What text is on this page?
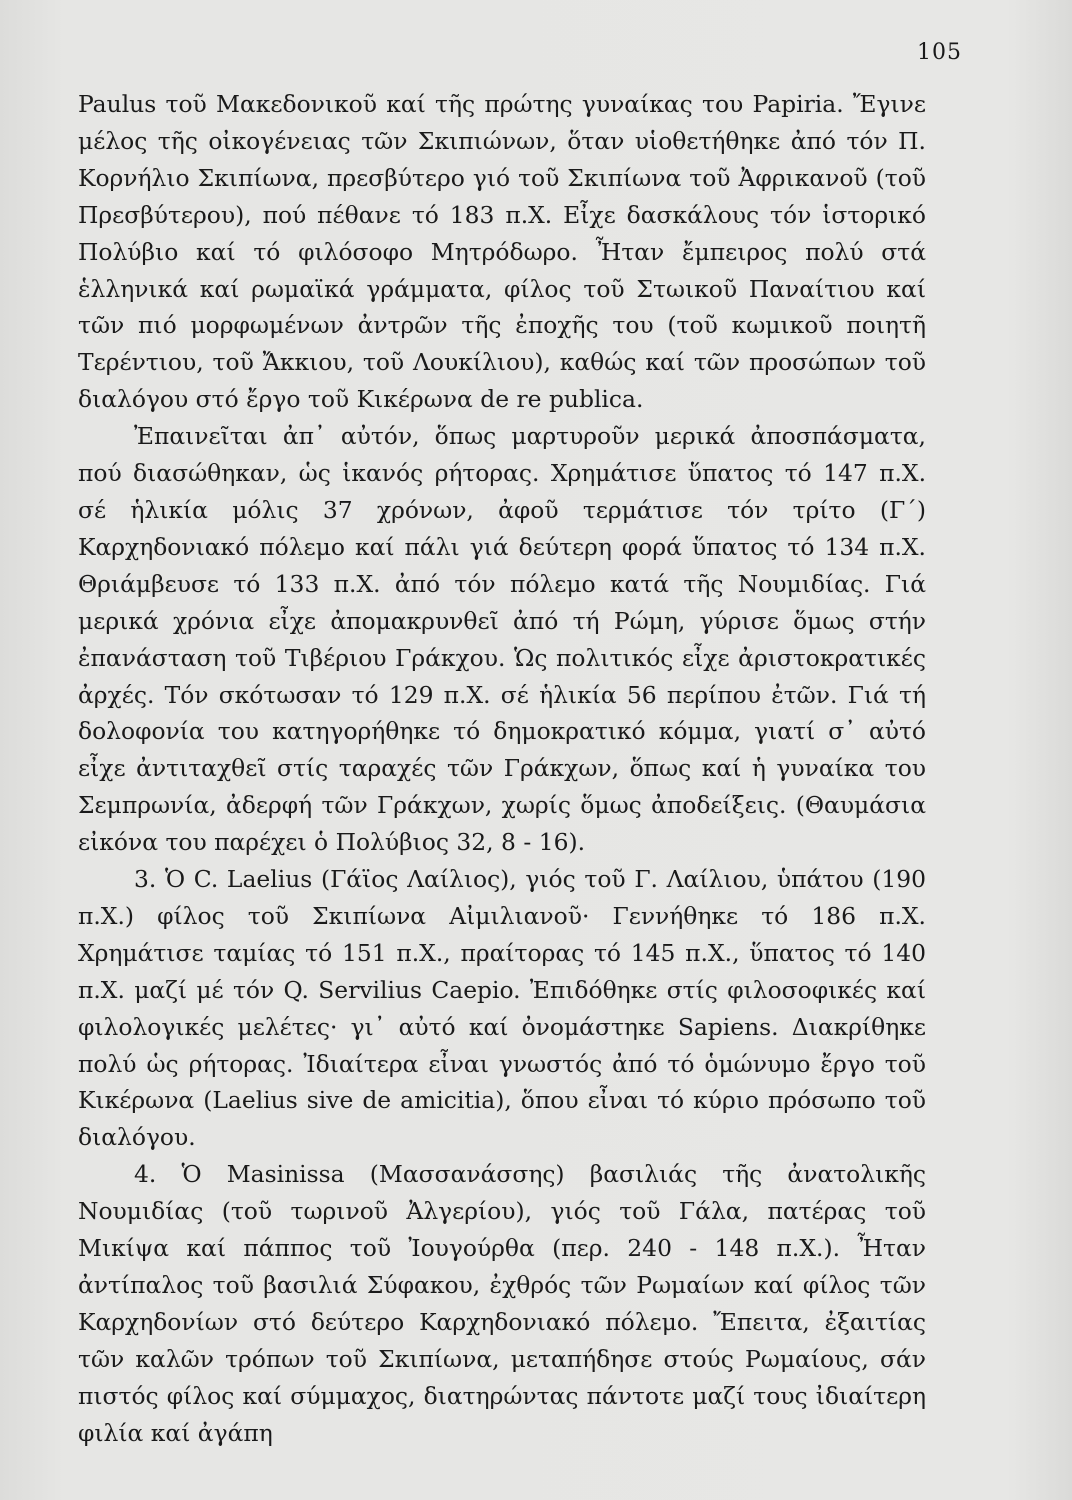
105

Paulus τοῦ Μακεδονικοῦ καί τῆς πρώτης γυναίκας του Papiria. Ἔγινε μέλος τῆς οἰκογένειας τῶν Σκιπιώνων, ὅταν υἱοθετήθηκε ἀπό τόν Π. Κορνήλιο Σκιπίωνα, πρεσβύτερο γιό τοῦ Σκιπίωνα τοῦ Ἀφρικανοῦ (τοῦ Πρεσβύτερου), πού πέθανε τό 183 π.Χ. Εἶχε δασκάλους τόν ἱστορικό Πολύβιο καί τό φιλόσοφο Μητρόδωρο. Ἦταν ἔμπειρος πολύ στά ἑλληνικά καί ρωμαϊκά γράμματα, φίλος τοῦ Στωικοῦ Παναίτιου καί τῶν πιό μορφωμένων ἀντρῶν τῆς ἐποχῆς του (τοῦ κωμικοῦ ποιητῆ Τερέντιου, τοῦ Ἄκκιου, τοῦ Λουκίλιου), καθώς καί τῶν προσώπων τοῦ διαλόγου στό ἔργο τοῦ Κικέρωνα de re publica.

Ἐπαινεῖται ἀπ᾽ αὐτόν, ὅπως μαρτυροῦν μερικά ἀποσπάσματα, πού διασώθηκαν, ὡς ἱκανός ρήτορας. Χρημάτισε ὕπατος τό 147 π.Χ. σέ ἡλικία μόλις 37 χρόνων, ἀφοῦ τερμάτισε τόν τρίτο (Γ΄) Καρχηδονιακό πόλεμο καί πάλι γιά δεύτερη φορά ὕπατος τό 134 π.Χ. Θριάμβευσε τό 133 π.Χ. ἀπό τόν πόλεμο κατά τῆς Νουμιδίας. Γιά μερικά χρόνια εἶχε ἀπομακρυνθεῖ ἀπό τή Ρώμη, γύρισε ὅμως στήν ἐπανάσταση τοῦ Τιβέριου Γράκχου. Ὡς πολιτικός εἶχε ἀριστοκρατικές ἀρχές. Τόν σκότωσαν τό 129 π.Χ. σέ ἡλικία 56 περίπου ἐτῶν. Γιά τή δολοφονία του κατηγορήθηκε τό δημοκρατικό κόμμα, γιατί σ᾽ αὐτό εἶχε ἀντιταχθεῖ στίς ταραχές τῶν Γράκχων, ὅπως καί ἡ γυναίκα του Σεμπρωνία, ἀδερφή τῶν Γράκχων, χωρίς ὅμως ἀποδείξεις. (Θαυμάσια εἰκόνα του παρέχει ὁ Πολύβιος 32, 8 - 16).

3. Ὁ C. Laelius (Γάϊος Λαίλιος), γιός τοῦ Γ. Λαίλιου, ὑπάτου (190 π.Χ.) φίλος τοῦ Σκιπίωνα Αἰμιλιανοῦ· Γεννήθηκε τό 186 π.Χ. Χρημάτισε ταμίας τό 151 π.Χ., πραίτορας τό 145 π.Χ., ὕπατος τό 140 π.Χ. μαζί μέ τόν Q. Servilius Caepio. Ἐπιδόθηκε στίς φιλοσοφικές καί φιλολογικές μελέτες· γι᾽ αὐτό καί ὀνομάστηκε Sapiens. Διακρίθηκε πολύ ὡς ρήτορας. Ἰδιαίτερα εἶναι γνωστός ἀπό τό ὁμώνυμο ἔργο τοῦ Κικέρωνα (Laelius sive de amicitia), ὅπου εἶναι τό κύριο πρόσωπο τοῦ διαλόγου.

4. Ὁ Masinissa (Μασσανάσσης) βασιλιάς τῆς ἀνατολικῆς Νουμιδίας (τοῦ τωρινοῦ Ἀλγερίου), γιός τοῦ Γάλα, πατέρας τοῦ Μικίψα καί πάππος τοῦ Ἰουγούρθα (περ. 240 - 148 π.Χ.). Ἦταν ἀντίπαλος τοῦ βασιλιά Σύφακου, ἐχθρός τῶν Ρωμαίων καί φίλος τῶν Καρχηδονίων στό δεύτερο Καρχηδονιακό πόλεμο. Ἔπειτα, ἐξαιτίας τῶν καλῶν τρόπων τοῦ Σκιπίωνα, μεταπήδησε στούς Ρωμαίους, σάν πιστός φίλος καί σύμμαχος, διατηρώντας πάντοτε μαζί τους ἰδιαίτερη φιλία καί ἀγάπη
